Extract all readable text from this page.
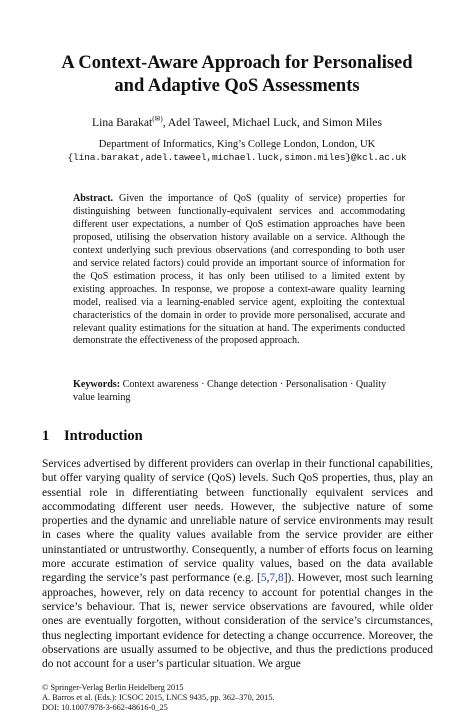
A Context-Aware Approach for Personalised
and Adaptive QoS Assessments
Lina Barakat(✉), Adel Taweel, Michael Luck, and Simon Miles
Department of Informatics, King’s College London, London, UK
{lina.barakat,adel.taweel,michael.luck,simon.miles}@kcl.ac.uk
Abstract. Given the importance of QoS (quality of service) properties for distinguishing between functionally-equivalent services and accommodating different user expectations, a number of QoS estimation approaches have been proposed, utilising the observation history available on a service. Although the context underlying such previous observations (and corresponding to both user and service related factors) could provide an important source of information for the QoS estimation process, it has only been utilised to a limited extent by existing approaches. In response, we propose a context-aware quality learning model, realised via a learning-enabled service agent, exploiting the contextual characteristics of the domain in order to provide more personalised, accurate and relevant quality estimations for the situation at hand. The experiments conducted demonstrate the effectiveness of the proposed approach.
Keywords: Context awareness · Change detection · Personalisation · Quality value learning
1 Introduction
Services advertised by different providers can overlap in their functional capabilities, but offer varying quality of service (QoS) levels. Such QoS properties, thus, play an essential role in differentiating between functionally equivalent services and accommodating different user needs. However, the subjective nature of some properties and the dynamic and unreliable nature of service environments may result in cases where the quality values available from the service provider are either uninstantiated or untrustworthy. Consequently, a number of efforts focus on learning more accurate estimation of service quality values, based on the data available regarding the service’s past performance (e.g. [5,7,8]). However, most such learning approaches, however, rely on data recency to account for potential changes in the service’s behaviour. That is, newer service observations are favoured, while older ones are eventually forgotten, without consideration of the service’s circumstances, thus neglecting important evidence for detecting a change occurrence. Moreover, the observations are usually assumed to be objective, and thus the predictions produced do not account for a user’s particular situation. We argue
© Springer-Verlag Berlin Heidelberg 2015
A. Barros et al. (Eds.): ICSOC 2015, LNCS 9435, pp. 362–370, 2015.
DOI: 10.1007/978-3-662-48616-0_25
